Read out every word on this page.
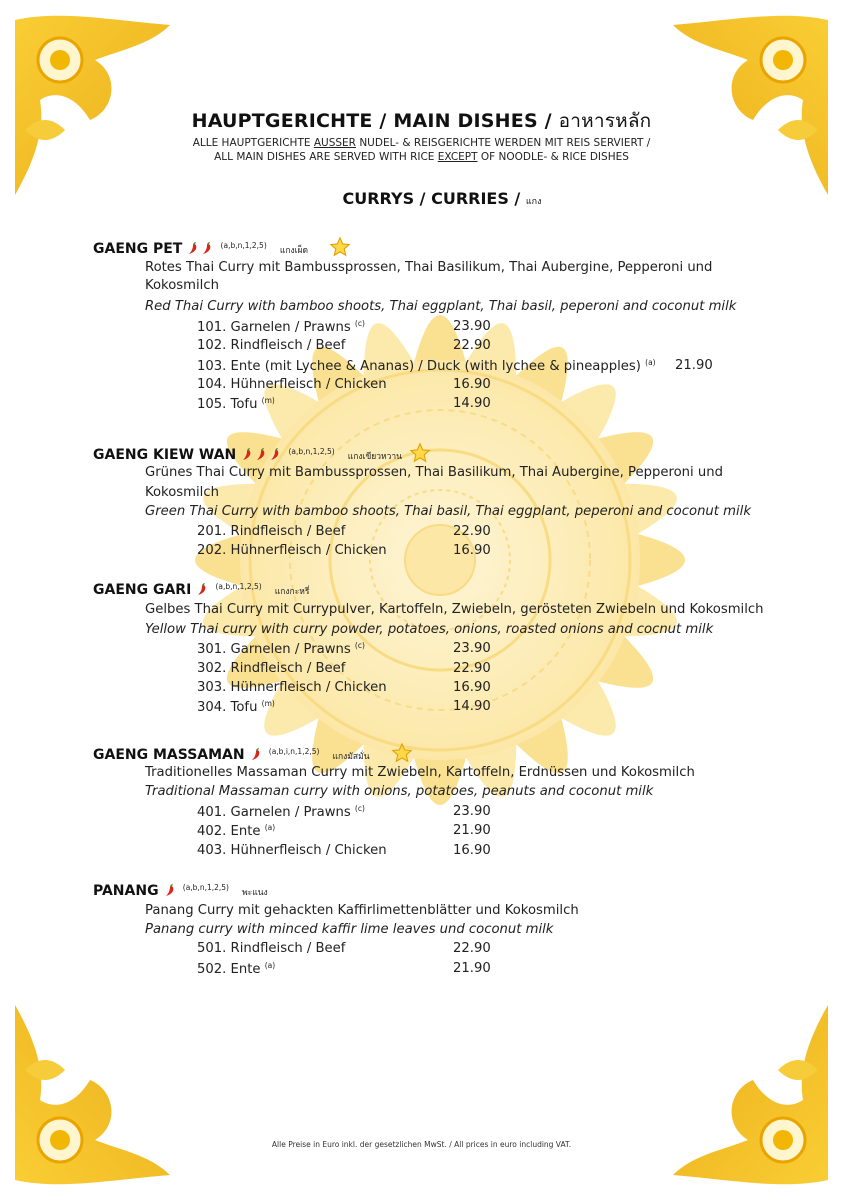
HAUPTGERICHTE / MAIN DISHES / อาหารหลัก
ALLE HAUPTGERICHTE AUSSER NUDEL- & REISGERICHTE WERDEN MIT REIS SERVIERT /
ALL MAIN DISHES ARE SERVED WITH RICE EXCEPT OF NOODLE- & RICE DISHES
CURRYS / CURRIES / แกง
GAENG PET	$^{(a,b,n,1,2,5)}$ แกงเผ็ด
Rotes Thai Curry mit Bambussprossen, Thai Basilikum, Thai Aubergine, Pepperoni und
Kokosmilch
Red Thai Curry with bamboo shoots, Thai eggplant, Thai basil, peperoni and coconut milk
101. Garnelen / Prawns $^{(c)}$	23.90
102. Rindfleisch / Beef	22.90
103. Ente (mit Lychee & Ananas) / Duck (with lychee & pineapples) $^{(a)}$ 21.90
104. Hühnerfleisch / Chicken	16.90
105. Tofu $^{(m)}$	14.90
GAENG KIEW WAN	$^{(a,b,n,1,2,5)}$ แกงเขียวหวาน
Grünes Thai Curry mit Bambussprossen, Thai Basilikum, Thai Aubergine, Pepperoni und
Kokosmilch
Green Thai Curry with bamboo shoots, Thai basil, Thai eggplant, peperoni and coconut milk
201. Rindfleisch / Beef	22.90
202. Hühnerfleisch / Chicken	16.90
GAENG GARI	$^{(a,b,n,1,2,5)}$ แกงกะหรี่
Gelbes Thai Curry mit Currypulver, Kartoffeln, Zwiebeln, gerösteten Zwiebeln und Kokosmilch
Yellow Thai curry with curry powder, potatoes, onions, roasted onions and cocnut milk
301. Garnelen / Prawns $^{(c)}$	23.90
302. Rindfleisch / Beef	22.90
303. Hühnerfleisch / Chicken	16.90
304. Tofu $^{(m)}$	14.90
GAENG MASSAMAN	$^{(a,b,i,n,1,2,5)}$ แกงมัสมั่น
Traditionelles Massaman Curry mit Zwiebeln, Kartoffeln, Erdnüssen und Kokosmilch
Traditional Massaman curry with onions, potatoes, peanuts and coconut milk
401. Garnelen / Prawns $^{(c)}$	23.90
402. Ente $^{(a)}$	21.90
403. Hühnerfleisch / Chicken	16.90
PANANG	$^{(a,b,n,1,2,5)}$ พะแนง
Panang Curry mit gehackten Kaffirlimettenblätter und Kokosmilch
Panang curry with minced kaffir lime leaves und coconut milk
501. Rindfleisch / Beef	22.90
502. Ente $^{(a)}$	21.90
Alle Preise in Euro inkl. der gesetzlichen MwSt. / All prices in euro including VAT.
